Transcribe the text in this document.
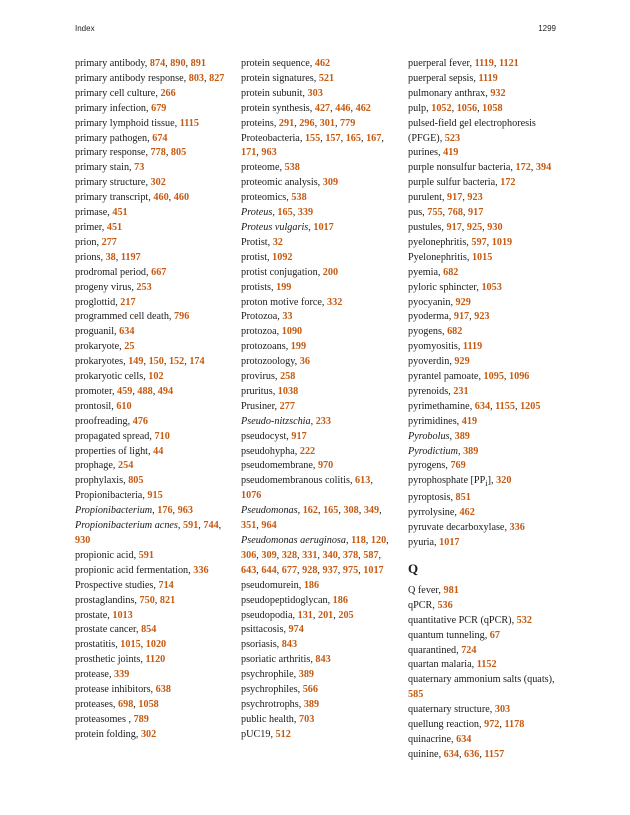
Index	1299
primary antibody, 874, 890, 891
primary antibody response, 803, 827
primary cell culture, 266
primary infection, 679
primary lymphoid tissue, 1115
primary pathogen, 674
primary response, 778, 805
primary stain, 73
primary structure, 302
primary transcript, 460, 460
primase, 451
primer, 451
prion, 277
prions, 38, 1197
prodromal period, 667
progeny virus, 253
proglottid, 217
programmed cell death, 796
proguanil, 634
prokaryote, 25
prokaryotes, 149, 150, 152, 174
prokaryotic cells, 102
promoter, 459, 488, 494
prontosil, 610
proofreading, 476
propagated spread, 710
properties of light, 44
prophage, 254
prophylaxis, 805
Propionibacteria, 915
Propionibacterium, 176, 963
Propionibacterium acnes, 591, 744, 930
propionic acid, 591
propionic acid fermentation, 336
Prospective studies, 714
prostaglandins, 750, 821
prostate, 1013
prostate cancer, 854
prostatitis, 1015, 1020
prosthetic joints, 1120
protease, 339
protease inhibitors, 638
proteases, 698, 1058
proteasomes , 789
protein folding, 302
protein sequence, 462
protein signatures, 521
protein subunit, 303
protein synthesis, 427, 446, 462
proteins, 291, 296, 301, 779
Proteobacteria, 155, 157, 165, 167, 171, 963
proteome, 538
proteomic analysis, 309
proteomics, 538
Proteus, 165, 339
Proteus vulgaris, 1017
Protist, 32
protist, 1092
protist conjugation, 200
protists, 199
proton motive force, 332
Protozoa, 33
protozoa, 1090
protozoans, 199
protozoology, 36
provirus, 258
pruritus, 1038
Prusiner, 277
Pseudo-nitzschia, 233
pseudocyst, 917
pseudohypha, 222
pseudomembrane, 970
pseudomembranous colitis, 613, 1076
Pseudomonas, 162, 165, 308, 349, 351, 964
Pseudomonas aeruginosa, 118, 120, 306, 309, 328, 331, 340, 378, 587, 643, 644, 677, 928, 937, 975, 1017
pseudomurein, 186
pseudopeptidoglycan, 186
pseudopodia, 131, 201, 205
psittacosis, 974
psoriasis, 843
psoriatic arthritis, 843
psychrophile, 389
psychrophiles, 566
psychrotrophs, 389
public health, 703
pUC19, 512
puerperal fever, 1119, 1121
puerperal sepsis, 1119
pulmonary anthrax, 932
pulp, 1052, 1056, 1058
pulsed-field gel electrophoresis (PFGE), 523
purines, 419
purple nonsulfur bacteria, 172, 394
purple sulfur bacteria, 172
purulent, 917, 923
pus, 755, 768, 917
pustules, 917, 925, 930
pyelonephritis, 597, 1019
Pyelonephritis, 1015
pyemia, 682
pyloric sphincter, 1053
pyocyanin, 929
pyoderma, 917, 923
pyogens, 682
pyomyositis, 1119
pyoverdin, 929
pyrantel pamoate, 1095, 1096
pyrenoids, 231
pyrimethamine, 634, 1155, 1205
pyrimidines, 419
Pyrobolus, 389
Pyrodictium, 389
pyrogens, 769
pyrophosphate $[PP_i]$, 320
pyroptosis, 851
pyrrolysine, 462
pyruvate decarboxylase, 336
pyuria, 1017
Q
Q fever, 981
qPCR, 536
quantitative PCR (qPCR), 532
quantum tunneling, 67
quarantined, 724
quartan malaria, 1152
quaternary ammonium salts (quats), 585
quaternary structure, 303
quellung reaction, 972, 1178
quinacrine, 634
quinine, 634, 636, 1157
